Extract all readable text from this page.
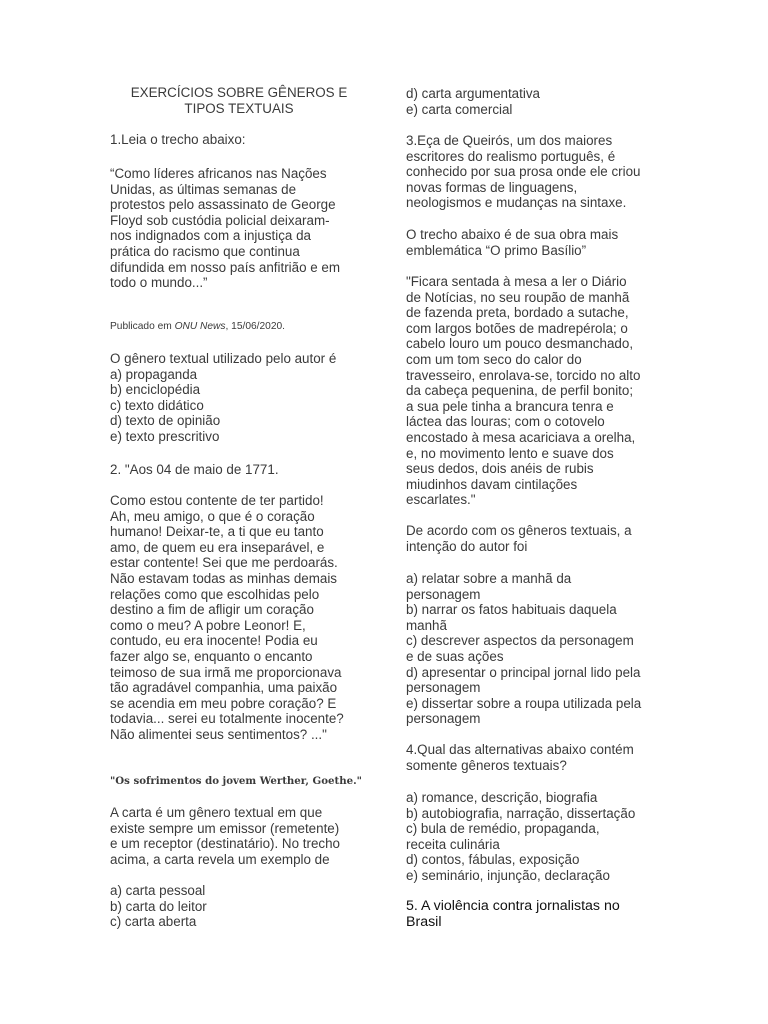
EXERCÍCIOS SOBRE GÊNEROS E
TIPOS TEXTUAIS
1.Leia o trecho abaixo:
“Como líderes africanos nas Nações
Unidas, as últimas semanas de
protestos pelo assassinato de George
Floyd sob custódia policial deixaram-
nos indignados com a injustiça da
prática do racismo que continua
difundida em nosso país anfitrião e em
todo o mundo...”
Publicado em ONU News, 15/06/2020.
O gênero textual utilizado pelo autor é
a) propaganda
b) enciclopédia
c) texto didático
d) texto de opinião
e) texto prescritivo
2. "Aos 04 de maio de 1771.
Como estou contente de ter partido!
Ah, meu amigo, o que é o coração
humano! Deixar-te, a ti que eu tanto
amo, de quem eu era inseparável, e
estar contente! Sei que me perdoarás.
Não estavam todas as minhas demais
relações como que escolhidas pelo
destino a fim de afligir um coração
como o meu? A pobre Leonor! E,
contudo, eu era inocente! Podia eu
fazer algo se, enquanto o encanto
teimoso de sua irmã me proporcionava
tão agradável companhia, uma paixão
se acendia em meu pobre coração? E
todavia... serei eu totalmente inocente?
Não alimentei seus sentimentos? ..."
"Os sofrimentos do jovem Werther, Goethe."
A carta é um gênero textual em que
existe sempre um emissor (remetente)
e um receptor (destinatário). No trecho
acima, a carta revela um exemplo de
a) carta pessoal
b) carta do leitor
c) carta aberta
d) carta argumentativa
e) carta comercial
3.Eça de Queirós, um dos maiores
escritores do realismo português, é
conhecido por sua prosa onde ele criou
novas formas de linguagens,
neologismos e mudanças na sintaxe.
O trecho abaixo é de sua obra mais
emblemática “O primo Basílio”
"Ficara sentada à mesa a ler o Diário
de Notícias, no seu roupão de manhã
de fazenda preta, bordado a sutache,
com largos botões de madrepérola; o
cabelo louro um pouco desmanchado,
com um tom seco do calor do
travesseiro, enrolava-se, torcido no alto
da cabeça pequenina, de perfil bonito;
a sua pele tinha a brancura tenra e
láctea das louras; com o cotovelo
encostado à mesa acariciava a orelha,
e, no movimento lento e suave dos
seus dedos, dois anéis de rubis
miudinhos davam cintilações
escarlates."
De acordo com os gêneros textuais, a
intenção do autor foi
a) relatar sobre a manhã da
personagem
b) narrar os fatos habituais daquela
manhã
c) descrever aspectos da personagem
e de suas ações
d) apresentar o principal jornal lido pela
personagem
e) dissertar sobre a roupa utilizada pela
personagem
4.Qual das alternativas abaixo contém
somente gêneros textuais?
a) romance, descrição, biografia
b) autobiografia, narração, dissertação
c) bula de remédio, propaganda,
receita culinária
d) contos, fábulas, exposição
e) seminário, injunção, declaração
5. A violência contra jornalistas no
Brasil
